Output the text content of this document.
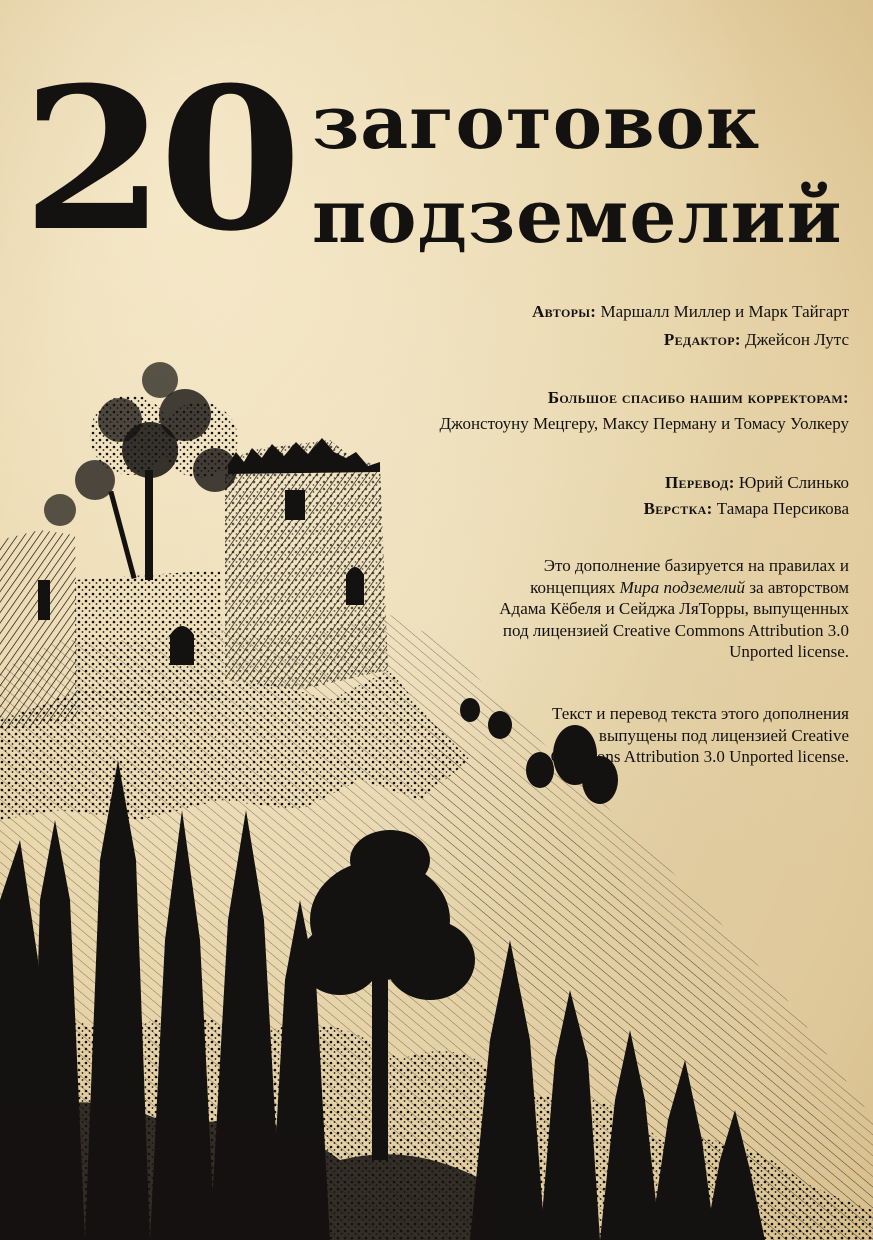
20 заготовок
подземелий
Авторы: Маршалл Миллер и Марк Тайгарт
Редактор: Джейсон Лутс
Большое спасибо нашим корректорам:
Джонстоуну Мецгеру, Максу Перману и Томасу Уолкеру
Перевод: Юрий Слинько
Верстка: Тамара Персикова
Это дополнение базируется на правилах и концепциях Мира подземелий за авторством Адама Кёбеля и Сейджа ЛяТорры, выпущенных под лицензией Creative Commons Attribution 3.0 Unported license.
Текст и перевод текста этого дополнения выпущены под лицензией Creative Commons Attribution 3.0 Unported license.
